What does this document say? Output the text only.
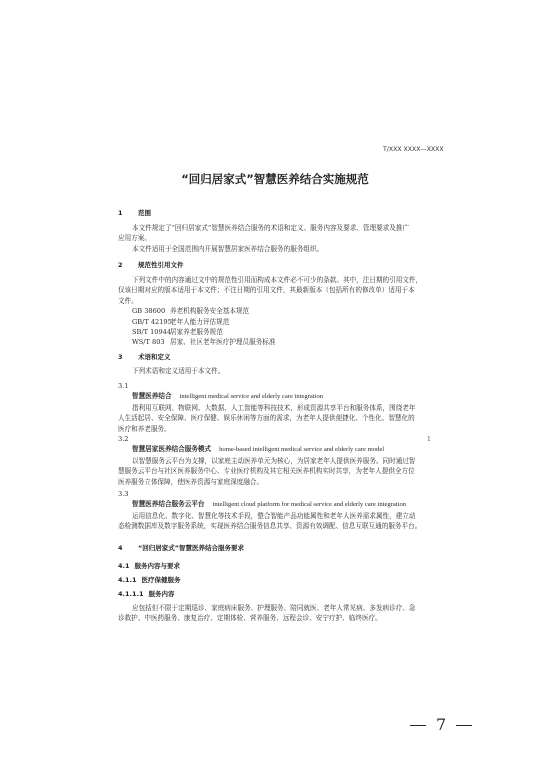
T/XXX XXXX—XXXX
“回归居家式”智慧医养结合实施规范
1 范围
本文件规定了“回归居家式”智慧医养结合服务的术语和定义、服务内容及要求、管理要求及推广
应用方案。
本文件适用于全国范围内开展智慧居家医养结合服务的服务组织。
2 规范性引用文件
下列文件中的内容通过文中的规范性引用而构成本文件必不可少的条款。其中，注日期的引用文件，
仅该日期对应的版本适用于本文件；不注日期的引用文件，其最新版本（包括所有的修改单）适用于本
文件。
GB 38600 养老机构服务安全基本规范
GB/T 42195老年人能力评估规范
SB/T 10944居家养老服务规范
WS/T 803 居家、社区老年医疗护理员服务标准
3 术语和定义
下列术语和定义适用于本文件。
3.1
智慧医养结合 intelligent medical service and elderly care integration
指利用互联网、物联网、大数据、人工智能等科技技术，形成资源共享平台和服务体系，围绕老年
人生活起居、安全保障、医疗保健、娱乐休闲等方面的需求，为老年人提供便捷化、个性化、智慧化的
医疗和养老服务。
3.2
智慧居家医养结合服务模式 home-based intelligent medical service and elderly care model
以智慧服务云平台为支撑，以家庭主动医养单元为核心，为居家老年人提供医养服务。同时通过智
慧服务云平台与社区医养服务中心、专业医疗机构及其它相关医养机构实时共享，为老年人提供全方位
医养服务立体保障，使医养资源与家庭深度融合。
3.3
智慧医养结合服务云平台 intelligent cloud platform for medical service and elderly care integration
运用信息化、数字化、智慧化等技术手段，整合智能产品功能属性和老年人医养需求属性，建立动
态检测数据库及数字服务系统，实现医养结合服务信息共享、资源有效调配、信息互联互通的服务平台。
4 “回归居家式”智慧医养结合服务要求
4.1 服务内容与要求
4.1.1 医疗保健服务
4.1.1.1 服务内容
应包括但不限于定期巡诊、家庭病床服务、护理服务、陪同就医、老年人常见病、多发病诊疗、急
诊救护、中医药服务、康复治疗、定期体检、营养服务、远程会诊、安宁疗护、临终医疗。
1
7
